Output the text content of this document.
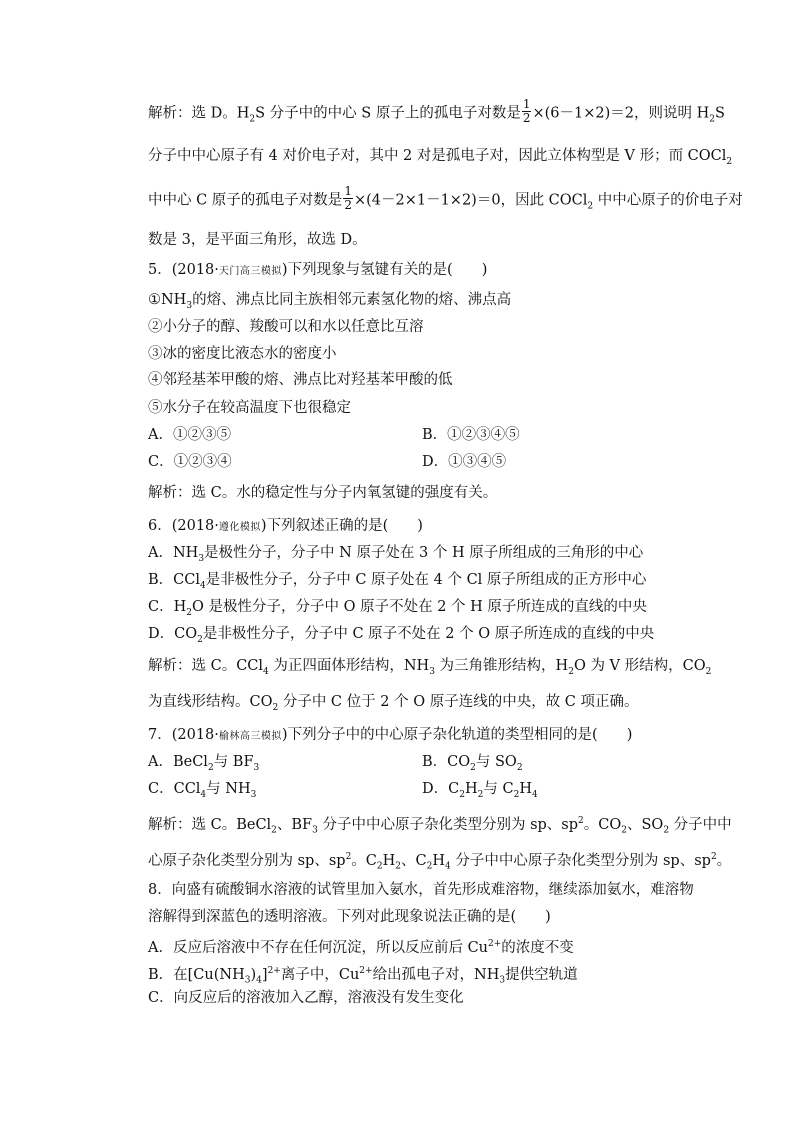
解析：选 D。$H_2S$ 分子中的中心 S 原子上的孤电子对数是 $\frac{1}{2} \times(6-1\times 2)=2$，则说明 $H_2S$
分子中中心原子有 4 对价电子对，其中 2 对是孤电子对，因此立体构型是 V 形；而 COCl$_2$
中中心 C 原子的孤电子对数是 $\frac{1}{2} \times(4-2\times 1-1\times 2)=0$，因此 COCl$_2$ 中中心原子的价电子对
数是 3，是平面三角形，故选 D。
5．(2018·天门高三模拟)下列现象与氢键有关的是(　　)
$①NH_3$的熔、沸点比同主族相邻元素氢化物的熔、沸点高
②小分子的醇、羧酸可以和水以任意比互溶
③冰的密度比液态水的密度小
④邻羟基苯甲酸的熔、沸点比对羟基苯甲酸的低
⑤水分子在较高温度下也很稳定
A．①②③⑤	B．①②③④⑤
C．①②③④	D．①③④⑤
解析：选 C。水的稳定性与分子内氧氢键的强度有关。
6．(2018·遵化模拟)下列叙述正确的是(　　)
A．$NH_3$是极性分子，分子中 N 原子处在 3 个 H 原子所组成的三角形的中心
B．CCl$_4$是非极性分子，分子中 C 原子处在 4 个 Cl 原子所组成的正方形中心
C．$H_2O$ 是极性分子，分子中 O 原子不处在 2 个 H 原子所连成的直线的中央
D．$CO_2$是非极性分子，分子中 C 原子不处在 2 个 O 原子所连成的直线的中央
解析：选 C。CCl$_4$ 为正四面体形结构，$NH_3$ 为三角锥形结构，$H_2O$ 为 V 形结构，$CO_2$
为直线形结构。$CO_2$ 分子中 C 位于 2 个 O 原子连线的中央，故 C 项正确。
7．(2018·榆林高三模拟)下列分子中的中心原子杂化轨道的类型相同的是(　　)
A．BeCl$_2$与 $BF_3$	B．$CO_2$与 $SO_2$
C．CCl$_4$与 $NH_3$	D．$C_2H_2$与 $C_2H_4$
解析：选 C。BeCl$_2$、$BF_3$ 分子中中心原子杂化类型分别为 sp、$sp^2$。$CO_2$、$SO_2$ 分子中中
心原子杂化类型分别为 sp、$sp^2$。$C_2H_2$、$C_2H_4$ 分子中中心原子杂化类型分别为 sp、$sp^2$。
8．向盛有硫酸铜水溶液的试管里加入氨水，首先形成难溶物，继续添加氨水，难溶物
溶解得到深蓝色的透明溶液。下列对此现象说法正确的是(　　)
A．反应后溶液中不存在任何沉淀，所以反应前后 $Cu^{2+}$的浓度不变
B．在$[Cu(NH_3)_4]^{2+}$离子中，$Cu^{2+}$给出孤电子对，$NH_3$提供空轨道
C．向反应后的溶液加入乙醇，溶液没有发生变化
